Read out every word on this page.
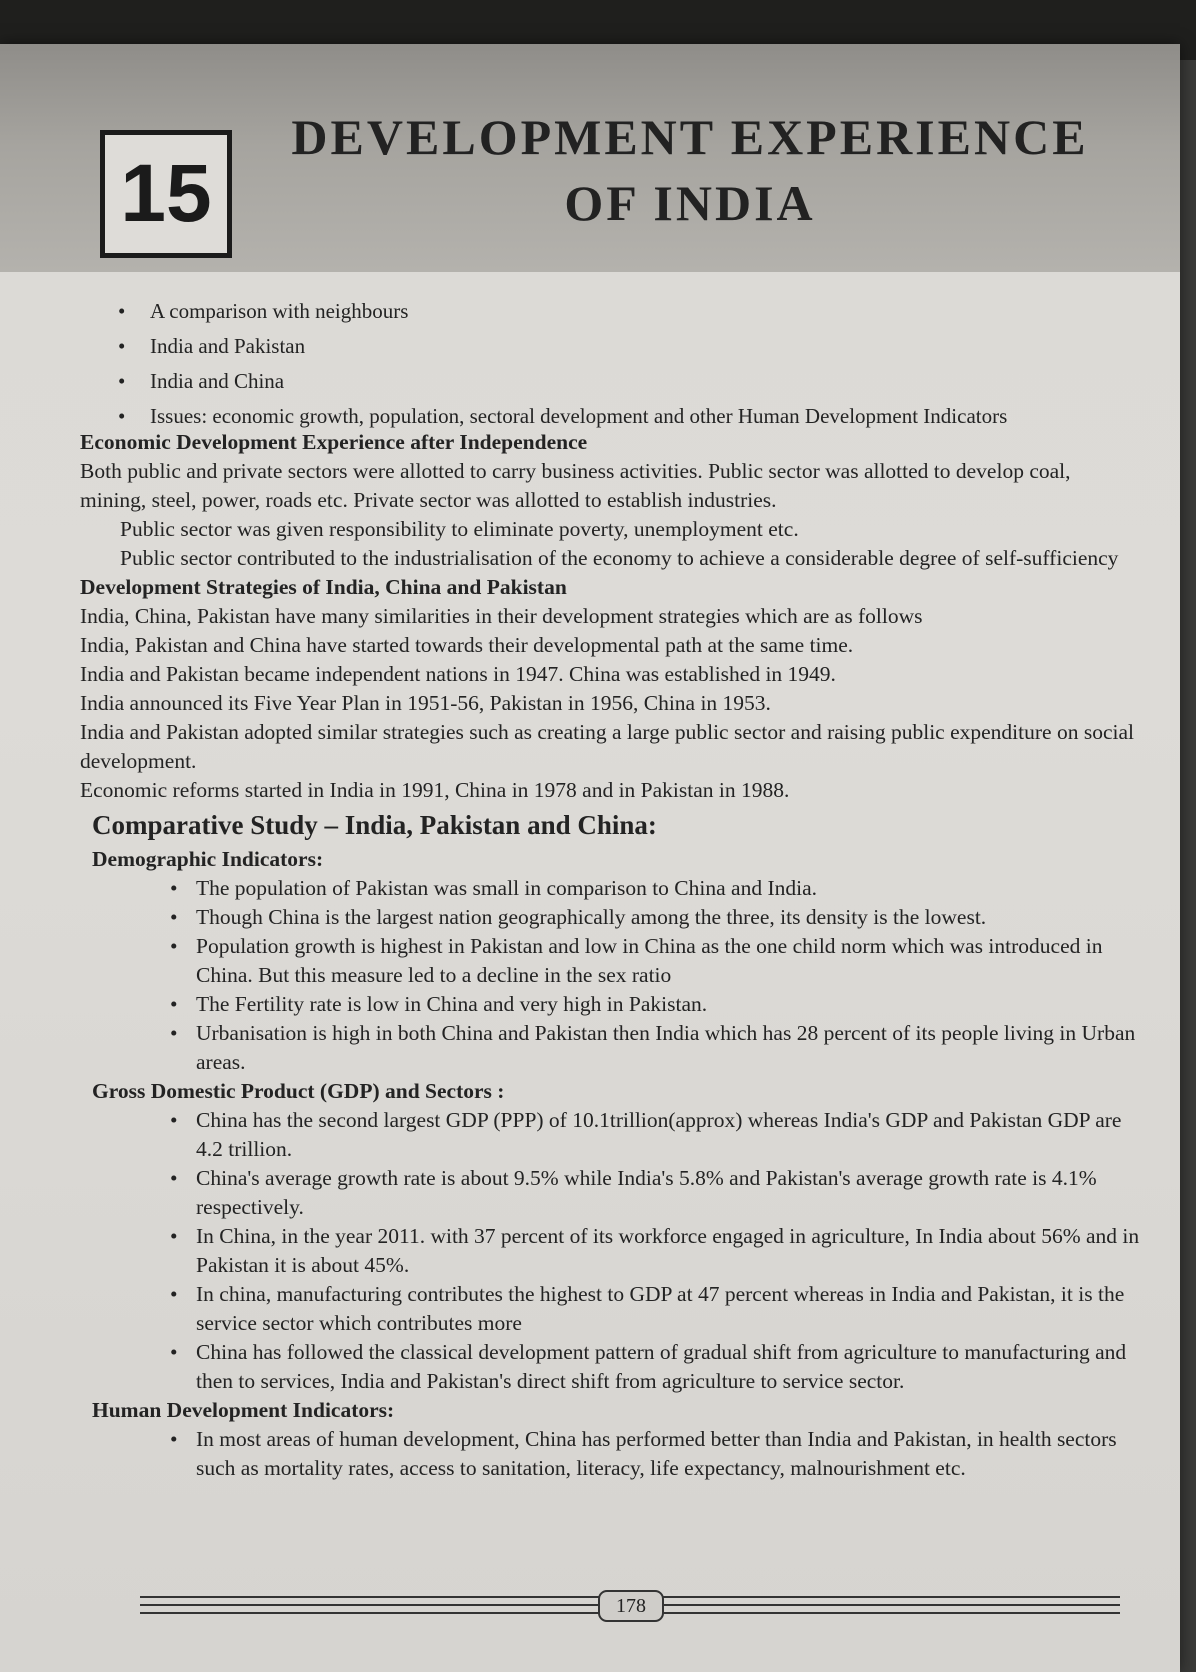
15
DEVELOPMENT EXPERIENCE
OF INDIA
• A comparison with neighbours
• India and Pakistan
• India and China
• Issues: economic growth, population, sectoral development and other Human Development Indicators

Economic Development Experience after Independence

Both public and private sectors were allotted to carry business activities. Public sector was allotted to develop coal, mining, steel, power, roads etc. Private sector was allotted to establish industries.

Public sector was given responsibility to eliminate poverty, unemployment etc.

Public sector contributed to the industrialisation of the economy to achieve a considerable degree of self-sufficiency

Development Strategies of India, China and Pakistan

India, China, Pakistan have many similarities in their development strategies which are as follows

India, Pakistan and China have started towards their developmental path at the same time.

India and Pakistan became independent nations in 1947. China was established in 1949.

India announced its Five Year Plan in 1951-56, Pakistan in 1956, China in 1953.

India and Pakistan adopted similar strategies such as creating a large public sector and raising public expenditure on social development.

Economic reforms started in India in 1991, China in 1978 and in Pakistan in 1988.

Comparative Study – India, Pakistan and China:

Demographic Indicators:

• The population of Pakistan was small in comparison to China and India.
• Though China is the largest nation geographically among the three, its density is the lowest.
• Population growth is highest in Pakistan and low in China as the one child norm which was introduced in China. But this measure led to a decline in the sex ratio
• The Fertility rate is low in China and very high in Pakistan.
• Urbanisation is high in both China and Pakistan then India which has 28 percent of its people living in Urban areas.

Gross Domestic Product (GDP) and Sectors :

• China has the second largest GDP (PPP) of 10.1trillion(approx) whereas India's GDP and Pakistan GDP are 4.2 trillion.
• China's average growth rate is about 9.5% while India's 5.8% and Pakistan's average growth rate is 4.1% respectively.
• In China, in the year 2011. with 37 percent of its workforce engaged in agriculture, In India about 56% and in Pakistan it is about 45%.
• In china, manufacturing contributes the highest to GDP at 47 percent whereas in India and Pakistan, it is the service sector which contributes more
• China has followed the classical development pattern of gradual shift from agriculture to manufacturing and then to services, India and Pakistan's direct shift from agriculture to service sector.

Human Development Indicators:

• In most areas of human development, China has performed better than India and Pakistan, in health sectors such as mortality rates, access to sanitation, literacy, life expectancy, malnourishment etc.
178
